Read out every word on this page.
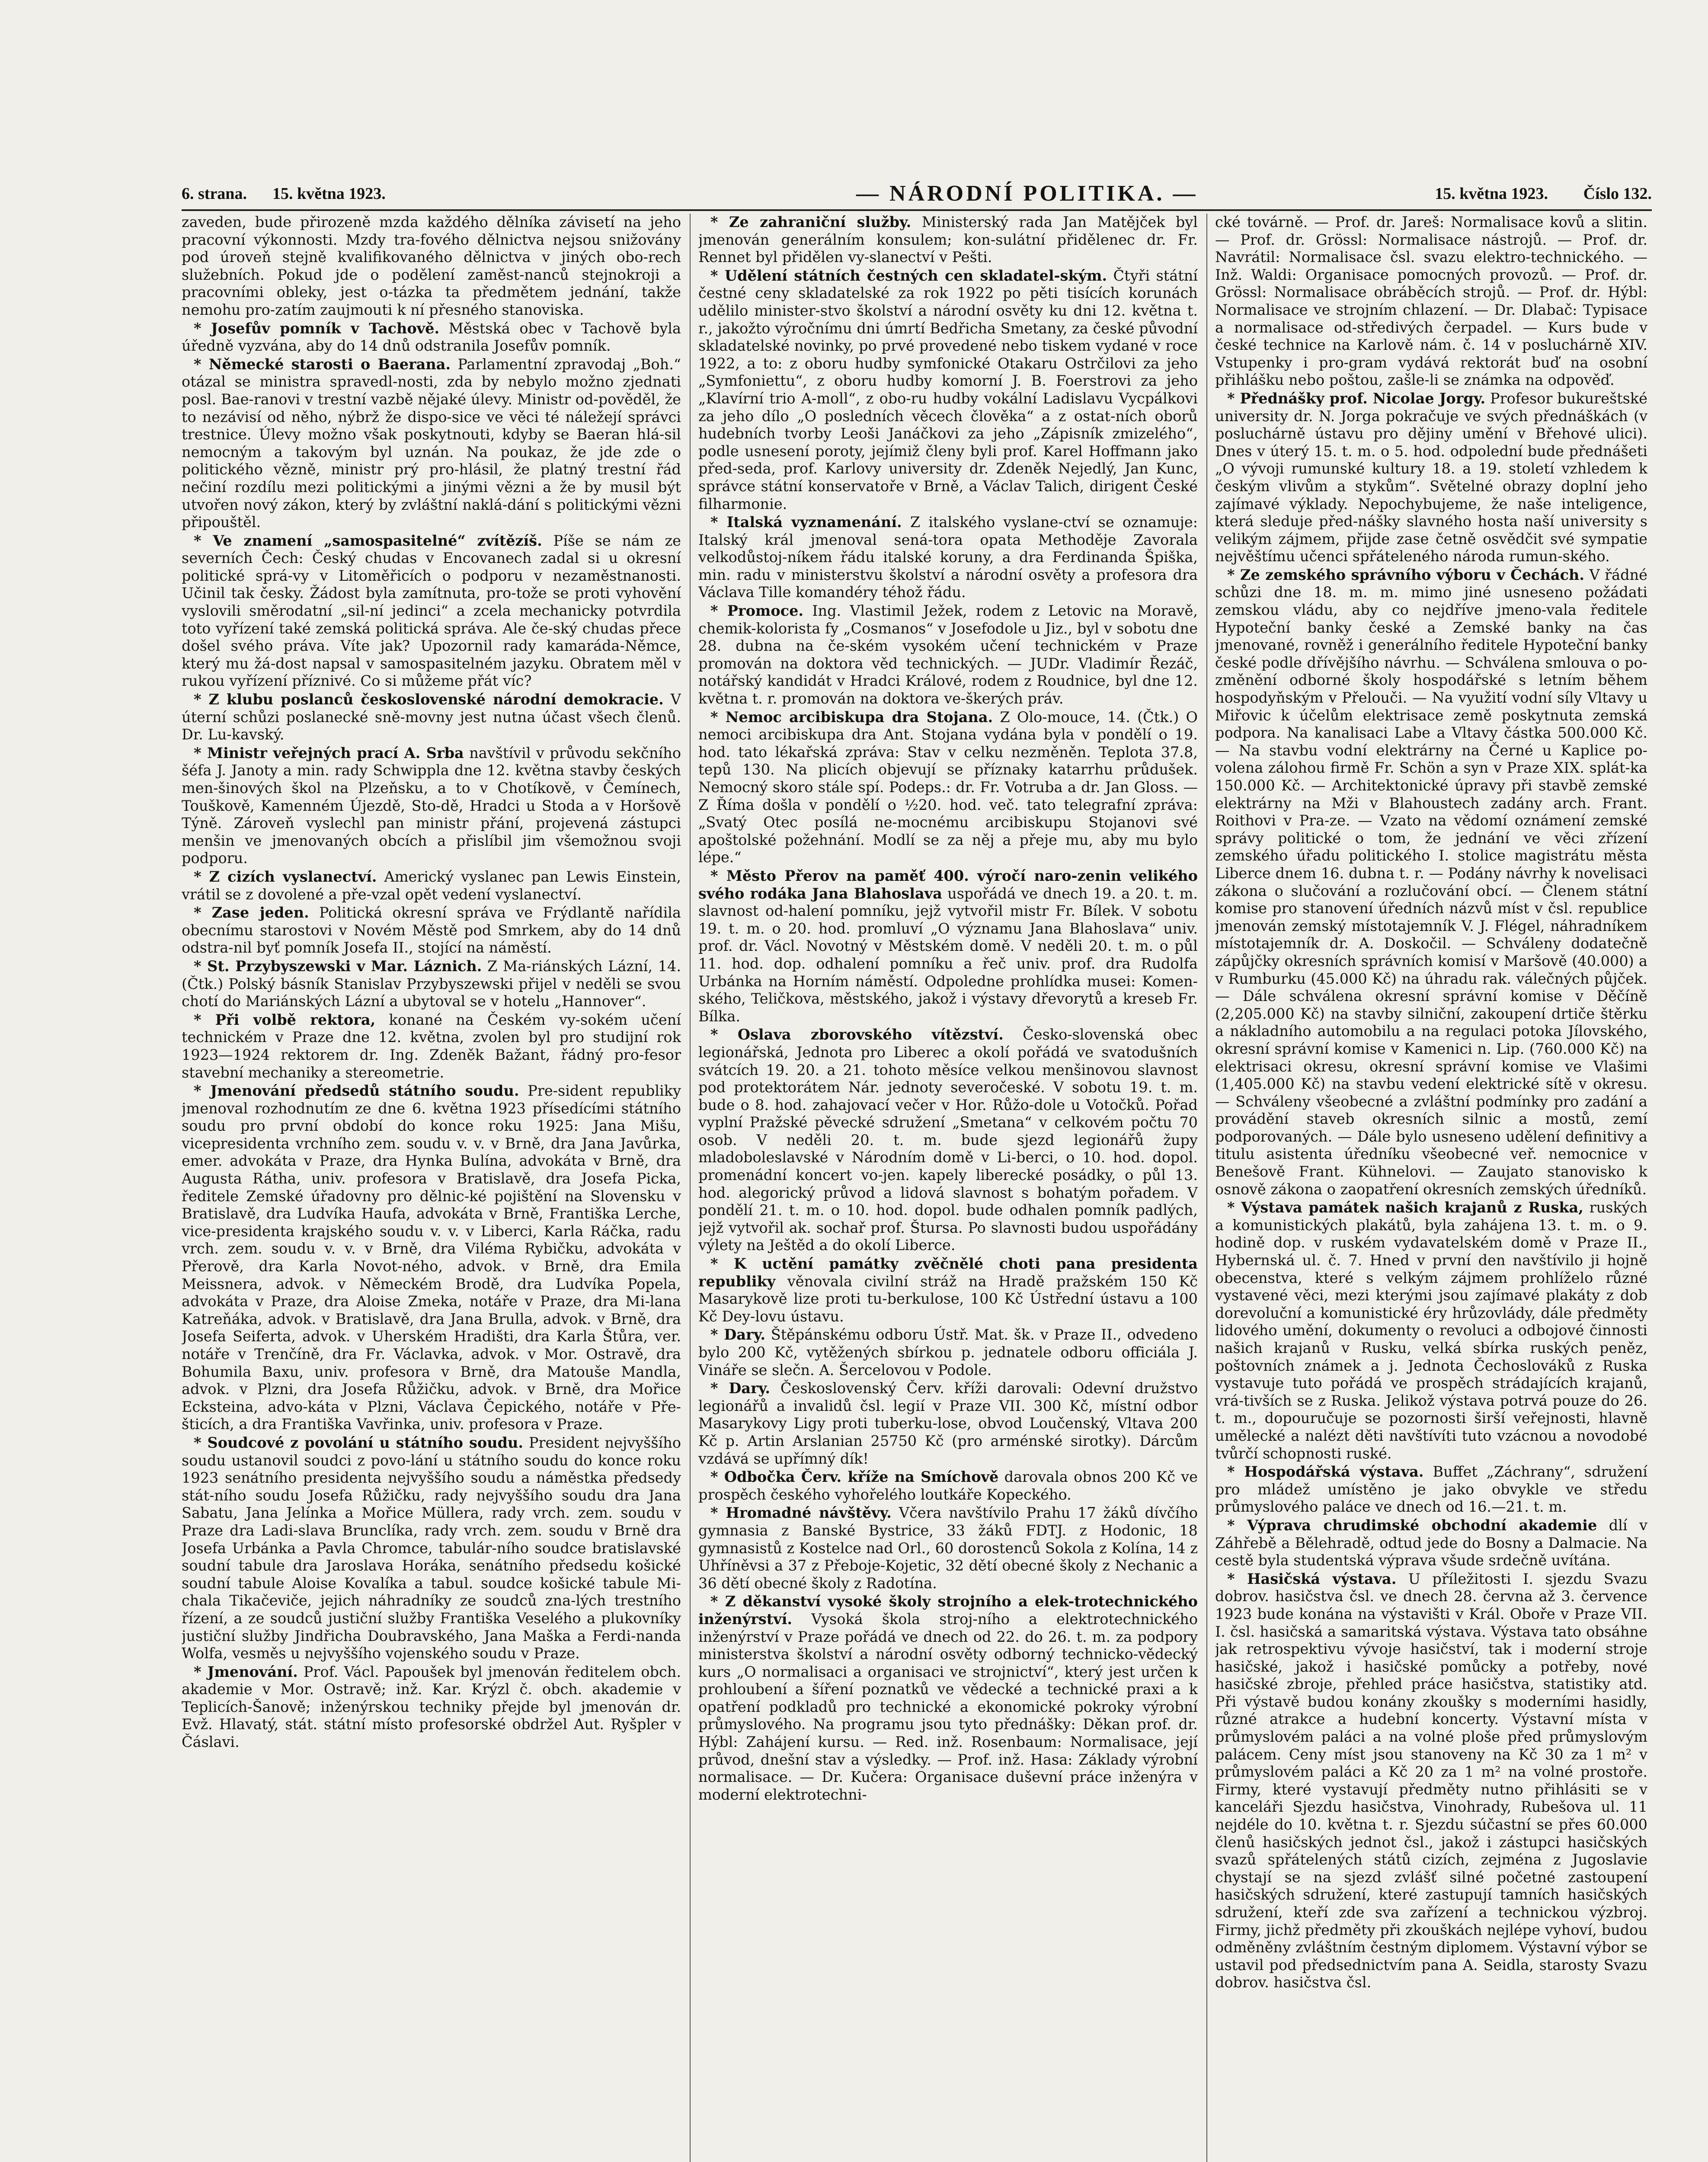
6. strana. 15. května 1923.	— NÁRODNÍ POLITIKA. —	15. května 1923. Číslo 132.

zaveden, bude přirozeně mzda každého dělníka závisetí na jeho pracovní výkonnosti. Mzdy tra-fového dělnictva nejsou snižovány pod úroveň stejně kvalifikovaného dělnictva v jiných obo-rech služebních. Pokud jde o podělení zaměst-nanců stejnokroji a pracovními obleky, jest o-tázka ta předmětem jednání, takže nemohu pro-zatím zaujmouti k ní přesného stanoviska.

* Josefův pomník v Tachově. Městská obec v Tachově byla úředně vyzvána, aby do 14 dnů odstranila Josefův pomník.

* Německé starosti o Baerana. Parlamentní zpravodaj „Boh.“ otázal se ministra spravedl-nosti, zda by nebylo možno zjednati posl. Bae-ranovi v trestní vazbě nějaké úlevy. Ministr od-pověděl, že to nezávisí od něho, nýbrž že dispo-sice ve věci té náležejí správci trestnice. Úlevy možno však poskytnouti, kdyby se Baeran hlá-sil nemocným a takovým byl uznán. Na poukaz, že jde zde o politického vězně, ministr prý pro-hlásil, že platný trestní řád nečiní rozdílu mezi politickými a jinými vězni a že by musil být utvořen nový zákon, který by zvláštní naklá-dání s politickými vězni připouštěl.

* Ve znamení „samospasitelné“ zvítězíš. Píše se nám ze severních Čech: Český chudas v Encovanech zadal si u okresní politické sprá-vy v Litoměřicích o podporu v nezaměstnanosti. Učinil tak česky. Žádost byla zamítnuta, pro-tože se proti vyhovění vyslovili směrodatní „sil-ní jedinci“ a zcela mechanicky potvrdila toto vyřízení také zemská politická správa. Ale če-ský chudas přece došel svého práva. Víte jak? Upozornil rady kamaráda-Němce, který mu žá-dost napsal v samospasitelném jazyku. Obratem měl v rukou vyřízení příznivé. Co si můžeme přát víc?

* Z klubu poslanců československé národní demokracie. V úterní schůzi poslanecké sně-movny jest nutna účast všech členů. Dr. Lu-kavský.

* Ministr veřejných prací A. Srba navštívil v průvodu sekčního šéfa J. Janoty a min. rady Schwippla dne 12. května stavby českých men-šinových škol na Plzeňsku, a to v Chotíkově, v Čemínech, Touškově, Kamenném Újezdě, Sto-dě, Hradci u Stoda a v Horšově Týně. Zároveň vyslechl pan ministr přání, projevená zástupci menšin ve jmenovaných obcích a přislíbil jim všemožnou svoji podporu.

* Z cizích vyslanectví. Americký vyslanec pan Lewis Einstein, vrátil se z dovolené a pře-vzal opět vedení vyslanectví.

* Zase jeden. Politická okresní správa ve Frýdlantě nařídila obecnímu starostovi v Novém Městě pod Smrkem, aby do 14 dnů odstra-nil byť pomník Josefa II., stojící na náměstí.

* St. Przybyszewski v Mar. Láznich. Z Ma-riánských Lázní, 14. (Čtk.) Polský básník Stanislav Przybyszewski přijel v neděli se svou chotí do Mariánských Lázní a ubytoval se v hotelu „Hannover“.

* Při volbě rektora, konané na Českém vy-sokém učení technickém v Praze dne 12. května, zvolen byl pro studijní rok 1923—1924 rektorem dr. Ing. Zdeněk Bažant, řádný pro-fesor stavební mechaniky a stereometrie.

* Jmenování předsedů státního soudu. Pre-sident republiky jmenoval rozhodnutím ze dne 6. května 1923 přísedícími státního soudu pro první období do konce roku 1925: Jana Mišu, vicepresidenta vrchního zem. soudu v. v. v Brně, dra Jana Javůrka, emer. advokáta v Praze, dra Hynka Bulína, advokáta v Brně, dra Augusta Rátha, univ. profesora v Bratislavě, dra Josefa Picka, ředitele Zemské úřadovny pro dělnic-ké pojištění na Slovensku v Bratislavě, dra Ludvíka Haufa, advokáta v Brně, Františka Lerche, vice-presidenta krajského soudu v. v. v Liberci, Karla Ráčka, radu vrch. zem. soudu v. v. v Brně, dra Viléma Rybičku, advokáta v Přerově, dra Karla Novot-ného, advok. v Brně, dra Emila Meissnera, advok. v Německém Brodě, dra Ludvíka Popela, advokáta v Praze, dra Aloise Zmeka, notáře v Praze, dra Mi-lana Katreňáka, advok. v Bratislavě, dra Jana Brulla, advok. v Brně, dra Josefa Seiferta, advok. v Uherském Hradišti, dra Karla Štůra, ver. notáře v Trenčíně, dra Fr. Václavka, advok. v Mor. Ostravě, dra Bohumila Baxu, univ. profesora v Brně, dra Matouše Mandla, advok. v Plzni, dra Josefa Růžičku, advok. v Brně, dra Mořice Ecksteina, advo-káta v Plzni, Václava Čepického, notáře v Pře-šticích, a dra Františka Vavřinka, univ. profesora v Praze.

* Soudcové z povolání u státního soudu. President nejvyššího soudu ustanovil soudci z povo-lání u státního soudu do konce roku 1923 senátního presidenta nejvyššího soudu a náměstka předsedy stát-ního soudu Josefa Růžičku, rady nejvyššího soudu dra Jana Sabatu, Jana Jelínka a Mořice Müllera, rady vrch. zem. soudu v Praze dra Ladi-slava Brunclíka, rady vrch. zem. soudu v Brně dra Josefa Urbánka a Pavla Chromce, tabulár-ního soudce bratislavské soudní tabule dra Jaroslava Horáka, senátního předsedu košické soudní tabule Aloise Kovalíka a tabul. soudce košické tabule Mi-chala Tikačeviče, jejich náhradníky ze soudců zna-lých trestního řízení, a ze soudců justiční služby Františka Veselého a plukovníky justiční služby Jindřicha Doubravského, Jana Maška a Ferdi-nanda Wolfa, vesměs u nejvyššího vojenského soudu v Praze.

* Jmenování. Prof. Václ. Papoušek byl jmenován ředitelem obch. akademie v Mor. Ostravě; inž. Kar. Krýzl č. obch. akademie v Teplicích-Šanově; inženýrskou techniky přejde byl jmenován dr. Evž. Hlavatý, stát. státní místo profesorské obdržel Aut. Ryšpler v Čáslavi.

* Ze zahraniční služby. Ministerský rada Jan Matějček byl jmenován generálním konsulem; kon-sulátní přidělenec dr. Fr. Rennet byl přidělen vy-slanectví v Pešti.

* Udělení státních čestných cen skladatel-ským. Čtyři státní čestné ceny skladatelské za rok 1922 po pěti tisících korunách udělilo minister-stvo školství a národní osvěty ku dni 12. května t. r., jakožto výročnímu dni úmrtí Bedřicha Smetany, za české původní skladatelské novinky, po prvé provedené nebo tiskem vydané v roce 1922, a to: z oboru hudby symfonické Otakaru Ostrčilovi za jeho „Symfoniettu“, z oboru hudby komorní J. B. Foerstrovi za jeho „Klavírní trio A-moll“, z obo-ru hudby vokální Ladislavu Vycpálkovi za jeho dílo „O posledních věcech člověka“ a z ostat-ních oborů hudebních tvorby Leoši Janáčkovi za jeho „Zápisník zmizelého“, podle usnesení poroty, jejímiž členy byli prof. Karel Hoffmann jako před-seda, prof. Karlovy university dr. Zdeněk Nejedlý, Jan Kunc, správce státní konservatoře v Brně, a Václav Talich, dirigent České filharmonie.

* Italská vyznamenání. Z italského vyslane-ctví se oznamuje: Italský král jmenoval sená-tora opata Methoděje Zavorala velkodůstoj-níkem řádu italské koruny, a dra Ferdinanda Špiška, min. radu v ministerstvu školství a národní osvěty a profesora dra Václava Tille komandéry téhož řádu.

* Promoce. Ing. Vlastimil Ježek, rodem z Letovic na Moravě, chemik-kolorista fy „Cosmanos“ v Josefodole u Jiz., byl v sobotu dne 28. dubna na če-ském vysokém učení technickém v Praze promován na doktora věd technických. — JUDr. Vladimír Řezáč, notářský kandidát v Hradci Králové, rodem z Roudnice, byl dne 12. května t. r. promován na doktora ve-škerých práv.

* Nemoc arcibiskupa dra Stojana. Z Olo-mouce, 14. (Čtk.) O nemoci arcibiskupa dra Ant. Stojana vydána byla v pondělí o 19. hod. tato lékařská zpráva: Stav v celku nezměněn. Teplota 37.8, tepů 130. Na plicích objevují se příznaky katarrhu průdušek. Nemocný skoro stále spí. Podeps.: dr. Fr. Votruba a dr. Jan Gloss. — Z Říma došla v pondělí o ½20. hod. več. tato telegrafní zpráva: „Svatý Otec posílá ne-mocnému arcibiskupu Stojanovi své apoštolské požehnání. Modlí se za něj a přeje mu, aby mu bylo lépe.“

* Město Přerov na paměť 400. výročí naro-zenin velikého svého rodáka Jana Blahoslava uspořádá ve dnech 19. a 20. t. m. slavnost od-halení pomníku, jejž vytvořil mistr Fr. Bílek. V sobotu 19. t. m. o 20. hod. promluví „O významu Jana Blahoslava“ univ. prof. dr. Václ. Novotný v Městském domě. V neděli 20. t. m. o půl 11. hod. dop. odhalení pomníku a řeč univ. prof. dra Rudolfa Urbánka na Horním náměstí. Odpoledne prohlídka musei: Komen-ského, Teličkova, městského, jakož i výstavy dřevorytů a kreseb Fr. Bílka.

* Oslava zborovského vítězství. Česko-slovenská obec legionářská, Jednota pro Liberec a okolí pořádá ve svatodušních svátcích 19. 20. a 21. tohoto měsíce velkou menšinovou slavnost pod protektorátem Nár. jednoty severočeské. V sobotu 19. t. m. bude o 8. hod. zahajovací večer v Hor. Růžo-dole u Votočků. Pořad vyplní Pražské pěvecké sdružení „Smetana“ v celkovém počtu 70 osob. V neděli 20. t. m. bude sjezd legionářů župy mladoboleslavské v Národním domě v Li-berci, o 10. hod. dopol. promenádní koncert vo-jen. kapely liberecké posádky, o půl 13. hod. alegorický průvod a lidová slavnost s bohatým pořadem. V pondělí 21. t. m. o 10. hod. dopol. bude odhalen pomník padlých, jejž vytvořil ak. sochař prof. Štursa. Po slavnosti budou uspořádány výlety na Ještěd a do okolí Liberce.

* K uctění památky zvěčnělé choti pana presidenta republiky věnovala civilní stráž na Hradě pražském 150 Kč Masarykově lize proti tu-berkulose, 100 Kč Ústřední ústavu a 100 Kč Dey-lovu ústavu.

* Dary. Štěpánskému odboru Ústř. Mat. šk. v Praze II., odvedeno bylo 200 Kč, vytěžených sbírkou p. jednatele odboru officiála J. Vináře se slečn. A. Šercelovou v Podole.

* Dary. Československý Červ. kříži darovali: Odevní družstvo legionářů a invalidů čsl. legií v Praze VII. 300 Kč, místní odbor Masarykovy Ligy proti tuberku-lose, obvod Loučenský, Vltava 200 Kč p. Artin Arslanian 25750 Kč (pro arménské sirotky). Dárcům vzdává se upřímný dík!

* Odbočka Červ. kříže na Smíchově darovala obnos 200 Kč ve prospěch českého vyhořelého loutkáře Kopeckého.

* Hromadné návštěvy. Včera navštívilo Prahu 17 žáků dívčího gymnasia z Banské Bystrice, 33 žáků FDTJ. z Hodonic, 18 gymnasistů z Kostelce nad Orl., 60 dorostenců Sokola z Kolína, 14 z Uhříněvsi a 37 z Přeboje-Kojetic, 32 dětí obecné školy z Nechanic a 36 dětí obecné školy z Radotína.

* Z děkanství vysoké školy strojního a elek-trotechnického inženýrství. Vysoká škola stroj-ního a elektrotechnického inženýrství v Praze pořádá ve dnech od 22. do 26. t. m. za podpory ministerstva školství a národní osvěty odborný technicko-vědecký kurs „O normalisaci a organisaci ve strojnictví“, který jest určen k prohloubení a šíření poznatků ve vědecké a technické praxi a k opatření podkladů pro technické a ekonomické pokroky výrobní průmyslového. Na programu jsou tyto přednášky: Děkan prof. dr. Hýbl: Zahájení kursu. — Red. inž. Rosenbaum: Normalisace, její průvod, dnešní stav a výsledky. — Prof. inž. Hasa: Základy výrobní normalisace. — Dr. Kučera: Organisace duševní práce inženýra v moderní elektrotechni-

cké továrně. — Prof. dr. Jareš: Normalisace kovů a slitin. — Prof. dr. Grössl: Normalisace nástrojů. — Prof. dr. Navrátil: Normalisace čsl. svazu elektro-technického. — Inž. Waldi: Organisace pomocných provozů. — Prof. dr. Grössl: Normalisace obráběcích strojů. — Prof. dr. Hýbl: Normalisace ve strojním chlazení. — Dr. Dlabač: Typisace a normalisace od-středivých čerpadel. — Kurs bude v české technice na Karlově nám. č. 14 v posluchárně XIV. Vstupenky i pro-gram vydává rektorát buď na osobní přihlášku nebo poštou, zašle-li se známka na odpověď.

* Přednášky prof. Nicolae Jorgy. Profesor bukureštské university dr. N. Jorga pokračuje ve svých přednáškách (v posluchárně ústavu pro dějiny umění v Břehové ulici). Dnes v úterý 15. t. m. o 5. hod. odpolední bude přednášeti „O vývoji rumunské kultury 18. a 19. století vzhledem k českým vlivům a stykům“. Světelné obrazy doplní jeho zajímavé výklady. Nepochybujeme, že naše inteligence, která sleduje před-nášky slavného hosta naší university s velikým zájmem, přijde zase četně osvědčit své sympatie nejvěštímu učenci spřáteleného národa rumun-ského.

* Ze zemského správního výboru v Čechách. V řádné schůzi dne 18. m. m. mimo jiné usneseno požádati zemskou vládu, aby co nejdříve jmeno-vala ředitele Hypoteční banky české a Zemské banky na čas jmenované, rovněž i generálního ředitele Hypoteční banky české podle dřívějšího návrhu. — Schválena smlouva o po-změnění odborné školy hospodářské s letním během hospodyňským v Přelouči. — Na využití vodní síly Vltavy u Miřovic k účelům elektrisace země poskytnuta zemská podpora. Na kanalisaci Labe a Vltavy částka 500.000 Kč. — Na stavbu vodní elektrárny na Černé u Kaplice po-volena zálohou firmě Fr. Schön a syn v Praze XIX. splát-ka 150.000 Kč. — Architektonické úpravy při stavbě zemské elektrárny na Mži v Blahoustech zadány arch. Frant. Roithovi v Pra-ze. — Vzato na vědomí oznámení zemské správy politické o tom, že jednání ve věci zřízení zemského úřadu politického I. stolice magistrátu města Liberce dnem 16. dubna t. r. — Podány návrhy k novelisaci zákona o slučování a rozlučování obcí. — Členem státní komise pro stanovení úředních názvů míst v čsl. republice jmenován zemský místotajemník V. J. Flégel, náhradníkem místotajemník dr. A. Doskočil. — Schváleny dodatečně zápůjčky okresních správních komisí v Maršově (40.000) a v Rumburku (45.000 Kč) na úhradu rak. válečných půjček. — Dále schválena okresní správní komise v Děčíně (2,205.000 Kč) na stavby silniční, zakoupení drtiče štěrku a nákladního automobilu a na regulaci potoka Jílovského, okresní správní komise v Kamenici n. Lip. (760.000 Kč) na elektrisaci okresu, okresní správní komise ve Vlašimi (1,405.000 Kč) na stavbu vedení elektrické sítě v okresu. — Schváleny všeobecné a zvláštní podmínky pro zadání a provádění staveb okresních silnic a mostů, zemí podporovaných. — Dále bylo usneseno udělení definitivy a titulu asistenta úředníku všeobecné veř. nemocnice v Benešově Frant. Kühnelovi. — Zaujato stanovisko k osnově zákona o zaopatření okresních zemských úředníků.

* Výstava památek našich krajanů z Ruska, ruských a komunistických plakátů, byla zahájena 13. t. m. o 9. hodině dop. v ruském vydavatelském domě v Praze II., Hybernská ul. č. 7. Hned v první den navštívilo ji hojně obecenstva, které s velkým zájmem prohlíželo různé vystavené věci, mezi kterými jsou zajímavé plakáty z dob dorevoluční a komunistické éry hrůzovlády, dále předměty lidového umění, dokumenty o revoluci a odbojové činnosti našich krajanů v Rusku, velká sbírka ruských peněz, poštovních známek a j. Jednota Čechoslováků z Ruska vystavuje tuto pořádá ve prospěch strádajících krajanů, vrá-tivších se z Ruska. Jelikož výstava potrvá pouze do 26. t. m., dopouručuje se pozornosti širší veřejnosti, hlavně umělecké a nalézt děti navštívíti tuto vzácnou a novodobé tvůrčí schopnosti ruské.

* Hospodářská výstava. Buffet „Záchrany“, sdružení pro mládež umístěno je jako obvykle ve středu průmyslového paláce ve dnech od 16.—21. t. m.

* Výprava chrudimské obchodní akademie dlí v Záhřebě a Bělehradě, odtud jede do Bosny a Dalmacie. Na cestě byla studentská výprava všude srdečně uvítána.

* Hasičská výstava. U příležitosti I. sjezdu Svazu dobrov. hasičstva čsl. ve dnech 28. června až 3. července 1923 bude konána na výstavišti v Král. Oboře v Praze VII. I. čsl. hasičská a samaritská výstava. Výstava tato obsáhne jak retrospektivu vývoje hasičství, tak i moderní stroje hasičské, jakož i hasičské pomůcky a potřeby, nové hasičské zbroje, přehled práce hasičstva, statistiky atd. Při výstavě budou konány zkoušky s moderními hasidly, různé atrakce a hudební koncerty. Výstavní místa v průmyslovém paláci a na volné ploše před průmyslovým palácem. Ceny míst jsou stanoveny na Kč 30 za 1 m² v průmyslovém paláci a Kč 20 za 1 m² na volné prostoře. Firmy, které vystavují předměty nutno přihlásiti se v kanceláři Sjezdu hasičstva, Vinohrady, Rubešova ul. 11 nejdéle do 10. května t. r. Sjezdu súčastní se přes 60.000 členů hasičských jednot čsl., jakož i zástupci hasičských svazů spřátelených států cizích, zejména z Jugoslavie chystají se na sjezd zvlášť silné početné zastoupení hasičských sdružení, které zastupují tamních hasičských sdružení, kteří zde sva zařízení a technickou výzbroj. Firmy, jichž předměty při zkouškách nejlépe vyhoví, budou odměněny zvláštním čestným diplomem. Výstavní výbor se ustavil pod předsednictvím pana A. Seidla, starosty Svazu dobrov. hasičstva čsl.
